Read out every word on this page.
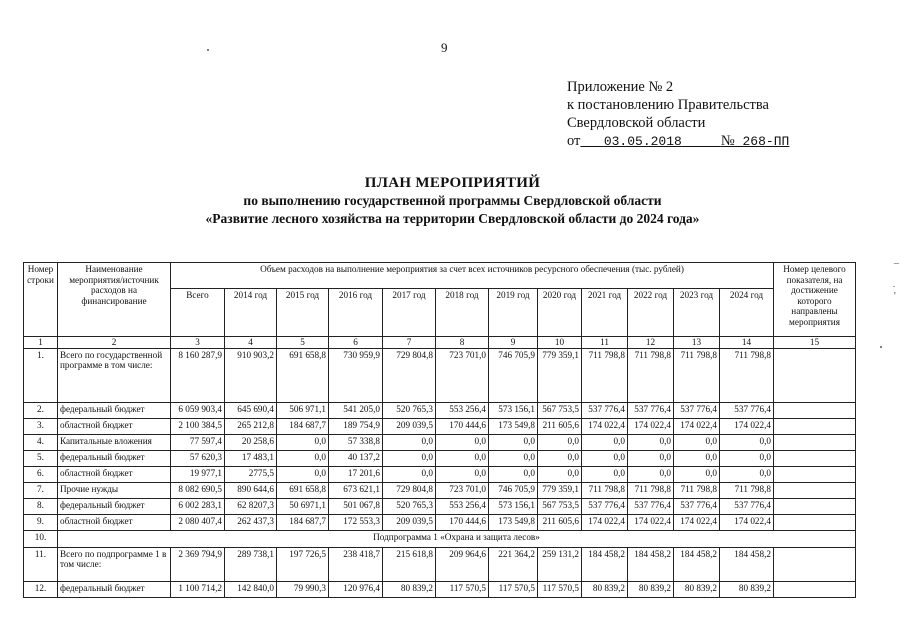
9
Приложение № 2
к постановлению Правительства
Свердловской области
от 03.05.2018	№ 268-ПП
ПЛАН МЕРОПРИЯТИЙ
по выполнению государственной программы Свердловской области
«Развитие лесного хозяйства на территории Свердловской области до 2024 года»
Номер строки	Наименование мероприятия/источник расходов на финансирование	Объем расходов на выполнение мероприятия за счет всех источников ресурсного обеспечения (тыс. рублей)												Номер целевого показателя, на достижение которого направлены мероприятия
		Всего	2014 год	2015 год	2016 год	2017 год	2018 год	2019 год	2020 год	2021 год	2022 год	2023 год	2024 год	
1	2	3	4	5	6	7	8	9	10	11	12	13	14	15
1.	Всего по государственной программе в том числе:	8 160 287,9	910 903,2	691 658,8	730 959,9	729 804,8	723 701,0	746 705,9	779 359,1	711 798,8	711 798,8	711 798,8	711 798,8	
2.	федеральный бюджет	6 059 903,4	645 690,4	506 971,1	541 205,0	520 765,3	553 256,4	573 156,1	567 753,5	537 776,4	537 776,4	537 776,4	537 776,4	
3.	областной бюджет	2 100 384,5	265 212,8	184 687,7	189 754,9	209 039,5	170 444,6	173 549,8	211 605,6	174 022,4	174 022,4	174 022,4	174 022,4	
4.	Капитальные вложения	77 597,4	20 258,6	0,0	57 338,8	0,0	0,0	0,0	0,0	0,0	0,0	0,0	0,0	
5.	федеральный бюджет	57 620,3	17 483,1	0,0	40 137,2	0,0	0,0	0,0	0,0	0,0	0,0	0,0	0,0	
6.	областной бюджет	19 977,1	2775,5	0,0	17 201,6	0,0	0,0	0,0	0,0	0,0	0,0	0,0	0,0	
7.	Прочие нужды	8 082 690,5	890 644,6	691 658,8	673 621,1	729 804,8	723 701,0	746 705,9	779 359,1	711 798,8	711 798,8	711 798,8	711 798,8	
8.	федеральный бюджет	6 002 283,1	62 8207,3	50 6971,1	501 067,8	520 765,3	553 256,4	573 156,1	567 753,5	537 776,4	537 776,4	537 776,4	537 776,4	
9.	областной бюджет	2 080 407,4	262 437,3	184 687,7	172 553,3	209 039,5	170 444,6	173 549,8	211 605,6	174 022,4	174 022,4	174 022,4	174 022,4	
10.	Подпрограмма 1 «Охрана и защита лесов»													
11.	Всего по подпрограмме 1 в том числе:	2 369 794,9	289 738,1	197 726,5	238 418,7	215 618,8	209 964,6	221 364,2	259 131,2	184 458,2	184 458,2	184 458,2	184 458,2	
12.	федеральный бюджет	1 100 714,2	142 840,0	79 990,3	120 976,4	80 839,2	117 570,5	117 570,5	117 570,5	80 839,2	80 839,2	80 839,2	80 839,2	
¯
'
